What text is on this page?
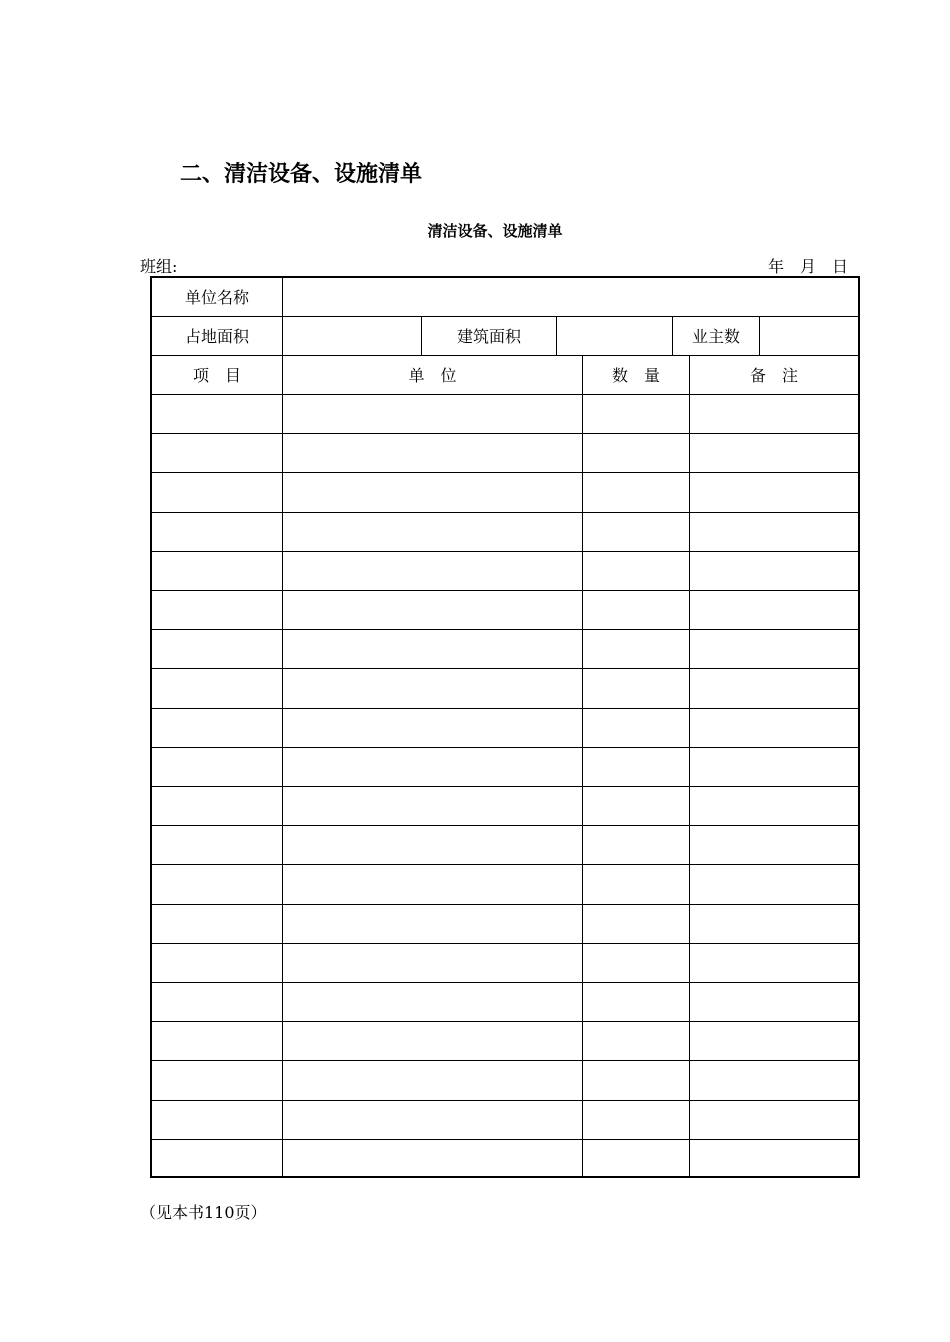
二、清洁设备、设施清单
清洁设备、设施清单
班组:	年　月　日
单位名称
占地面积	建筑面积	业主数
项　目	单　位	数　量	备　注
（见本书110页）
